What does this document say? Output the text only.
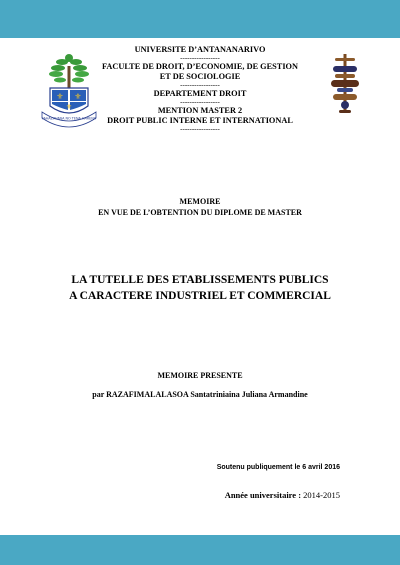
⚜ ⚜
⚜
FAHAZAVANA NO TENA HARENA
UNIVERSITE D’ANTANANARIVO
-----------------
FACULTE DE DROIT, D’ECONOMIE, DE GESTION
ET DE SOCIOLOGIE
-----------------
DEPARTEMENT DROIT
-----------------
MENTION MASTER 2
DROIT PUBLIC INTERNE ET INTERNATIONAL
-----------------
MEMOIRE
EN VUE DE L’OBTENTION DU DIPLOME DE MASTER
LA TUTELLE DES ETABLISSEMENTS PUBLICS
A CARACTERE INDUSTRIEL ET COMMERCIAL
MEMOIRE PRESENTE
par RAZAFIMALALASOA Santatriniaina Juliana Armandine
Soutenu publiquement le 6 avril 2016
Année universitaire : 2014-2015
